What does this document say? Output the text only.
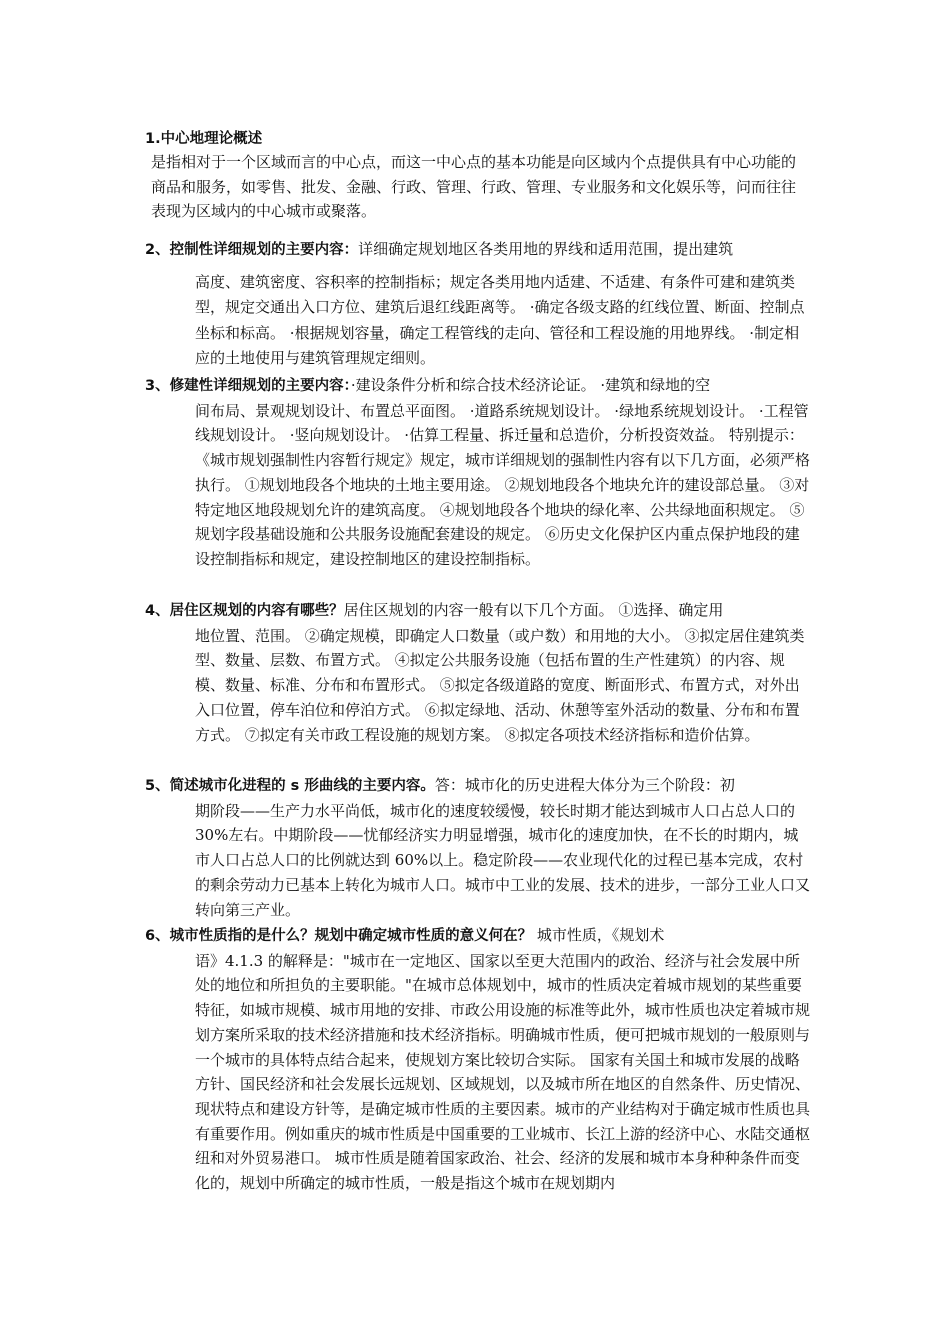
1.中心地理论概述
是指相对于一个区域而言的中心点，而这一中心点的基本功能是向区域内个点提供具有中心功能的商品和服务，如零售、批发、金融、行政、管理、行政、管理、专业服务和文化娱乐等，问而往往表现为区域内的中心城市或聚落。
2、控制性详细规划的主要内容：详细确定规划地区各类用地的界线和适用范围，提出建筑
高度、建筑密度、容积率的控制指标；规定各类用地内适建、不适建、有条件可建和建筑类型，规定交通出入口方位、建筑后退红线距离等。 ·确定各级支路的红线位置、断面、控制点坐标和标高。 ·根据规划容量，确定工程管线的走向、管径和工程设施的用地界线。 ·制定相应的土地使用与建筑管理规定细则。
3、修建性详细规划的主要内容：·建设条件分析和综合技术经济论证。 ·建筑和绿地的空
间布局、景观规划设计、布置总平面图。 ·道路系统规划设计。 ·绿地系统规划设计。 ·工程管线规划设计。 ·竖向规划设计。 ·估算工程量、拆迁量和总造价，分析投资效益。 特别提示： 《城市规划强制性内容暂行规定》规定，城市详细规划的强制性内容有以下几方面，必须严格执行。 ①规划地段各个地块的土地主要用途。 ②规划地段各个地块允许的建设部总量。 ③对特定地区地段规划允许的建筑高度。 ④规划地段各个地块的绿化率、公共绿地面积规定。 ⑤规划字段基础设施和公共服务设施配套建设的规定。 ⑥历史文化保护区内重点保护地段的建设控制指标和规定，建设控制地区的建设控制指标。
4、居住区规划的内容有哪些？居住区规划的内容一般有以下几个方面。 ①选择、确定用
地位置、范围。 ②确定规模，即确定人口数量（或户数）和用地的大小。 ③拟定居住建筑类型、数量、层数、布置方式。 ④拟定公共服务设施（包括布置的生产性建筑）的内容、规模、数量、标准、分布和布置形式。 ⑤拟定各级道路的宽度、断面形式、布置方式，对外出入口位置，停车泊位和停泊方式。 ⑥拟定绿地、活动、休憩等室外活动的数量、分布和布置方式。 ⑦拟定有关市政工程设施的规划方案。 ⑧拟定各项技术经济指标和造价估算。
5、简述城市化进程的 s 形曲线的主要内容。答：城市化的历史进程大体分为三个阶段：初
期阶段——生产力水平尚低，城市化的速度较缓慢，较长时期才能达到城市人口占总人口的 30%左右。中期阶段——忧郁经济实力明显增强，城市化的速度加快，在不长的时期内，城市人口占总人口的比例就达到 60%以上。稳定阶段——农业现代化的过程已基本完成，农村的剩余劳动力已基本上转化为城市人口。城市中工业的发展、技术的进步，一部分工业人口又转向第三产业。
6、城市性质指的是什么？规划中确定城市性质的意义何在？ 城市性质，《规划术
语》4.1.3 的解释是："城市在一定地区、国家以至更大范围内的政治、经济与社会发展中所处的地位和所担负的主要职能。"在城市总体规划中，城市的性质决定着城市规划的某些重要特征，如城市规模、城市用地的安排、市政公用设施的标准等此外，城市性质也决定着城市规划方案所采取的技术经济措施和技术经济指标。明确城市性质，便可把城市规划的一般原则与一个城市的具体特点结合起来，使规划方案比较切合实际。 国家有关国土和城市发展的战略方针、国民经济和社会发展长远规划、区域规划，以及城市所在地区的自然条件、历史情况、现状特点和建设方针等，是确定城市性质的主要因素。城市的产业结构对于确定城市性质也具有重要作用。例如重庆的城市性质是中国重要的工业城市、长江上游的经济中心、水陆交通枢纽和对外贸易港口。 城市性质是随着国家政治、社会、经济的发展和城市本身种种条件而变化的，规划中所确定的城市性质，一般是指这个城市在规划期内
